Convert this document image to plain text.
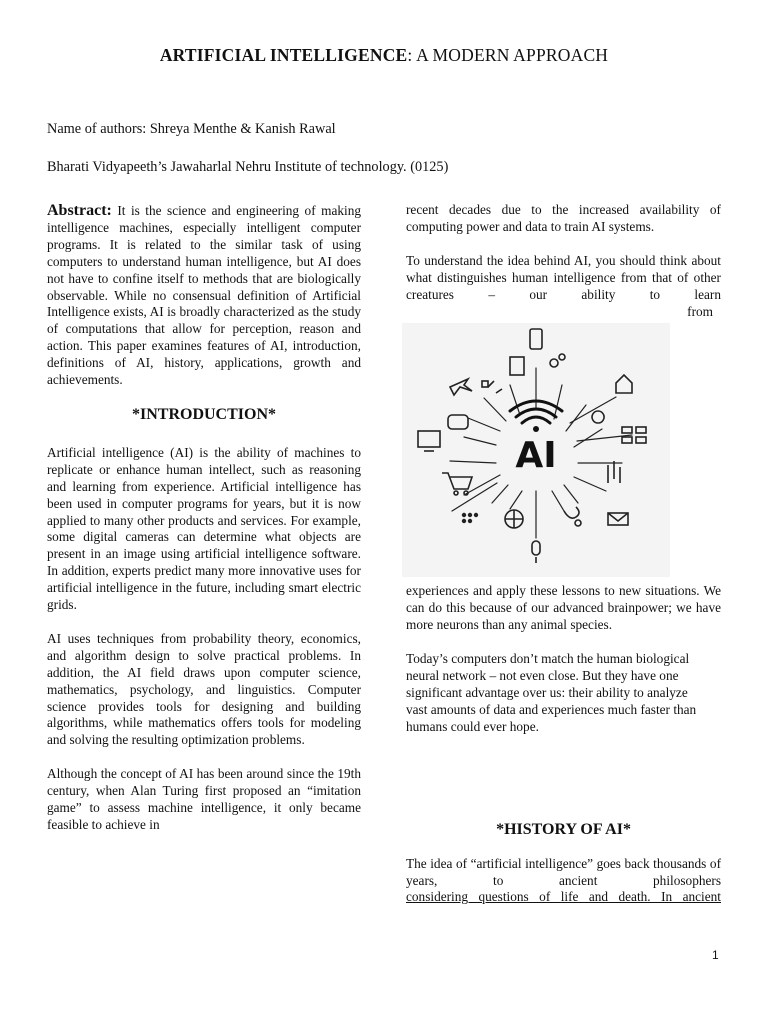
ARTIFICIAL INTELLIGENCE: A MODERN APPROACH
Name of authors: Shreya Menthe & Kanish Rawal
Bharati Vidyapeeth’s Jawaharlal Nehru Institute of technology. (0125)

Abstract: It is the science and engineering of making intelligence machines, especially intelligent computer programs. It is related to the similar task of using computers to understand human intelligence, but AI does not have to confine itself to methods that are biologically observable. While no consensual definition of Artificial Intelligence exists, AI is broadly characterized as the study of computations that allow for perception, reason and action. This paper examines features of AI, introduction, definitions of AI, history, applications, growth and achievements.

*INTRODUCTION*

Artificial intelligence (AI) is the ability of machines to replicate or enhance human intellect, such as reasoning and learning from experience. Artificial intelligence has been used in computer programs for years, but it is now applied to many other products and services. For example, some digital cameras can determine what objects are present in an image using artificial intelligence software. In addition, experts predict many more innovative uses for artificial intelligence in the future, including smart electric grids.

AI uses techniques from probability theory, economics, and algorithm design to solve practical problems. In addition, the AI field draws upon computer science, mathematics, psychology, and linguistics. Computer science provides tools for designing and building algorithms, while mathematics offers tools for modeling and solving the resulting optimization problems.

Although the concept of AI has been around since the 19th century, when Alan Turing first proposed an “imitation game” to assess machine intelligence, it only became feasible to achieve in

recent decades due to the increased availability of computing power and data to train AI systems.

To understand the idea behind AI, you should think about what distinguishes human intelligence from that of other creatures – our ability to learn

from

AI

experiences and apply these lessons to new situations. We can do this because of our advanced brainpower; we have more neurons than any animal species.

Today’s computers don’t match the human biological neural network – not even close. But they have one significant advantage over us: their ability to analyze vast amounts of data and experiences much faster than humans could ever hope.

*HISTORY OF AI*

The idea of “artificial intelligence” goes back thousands of years, to ancient philosophers

considering questions of life and death. In ancient

1
